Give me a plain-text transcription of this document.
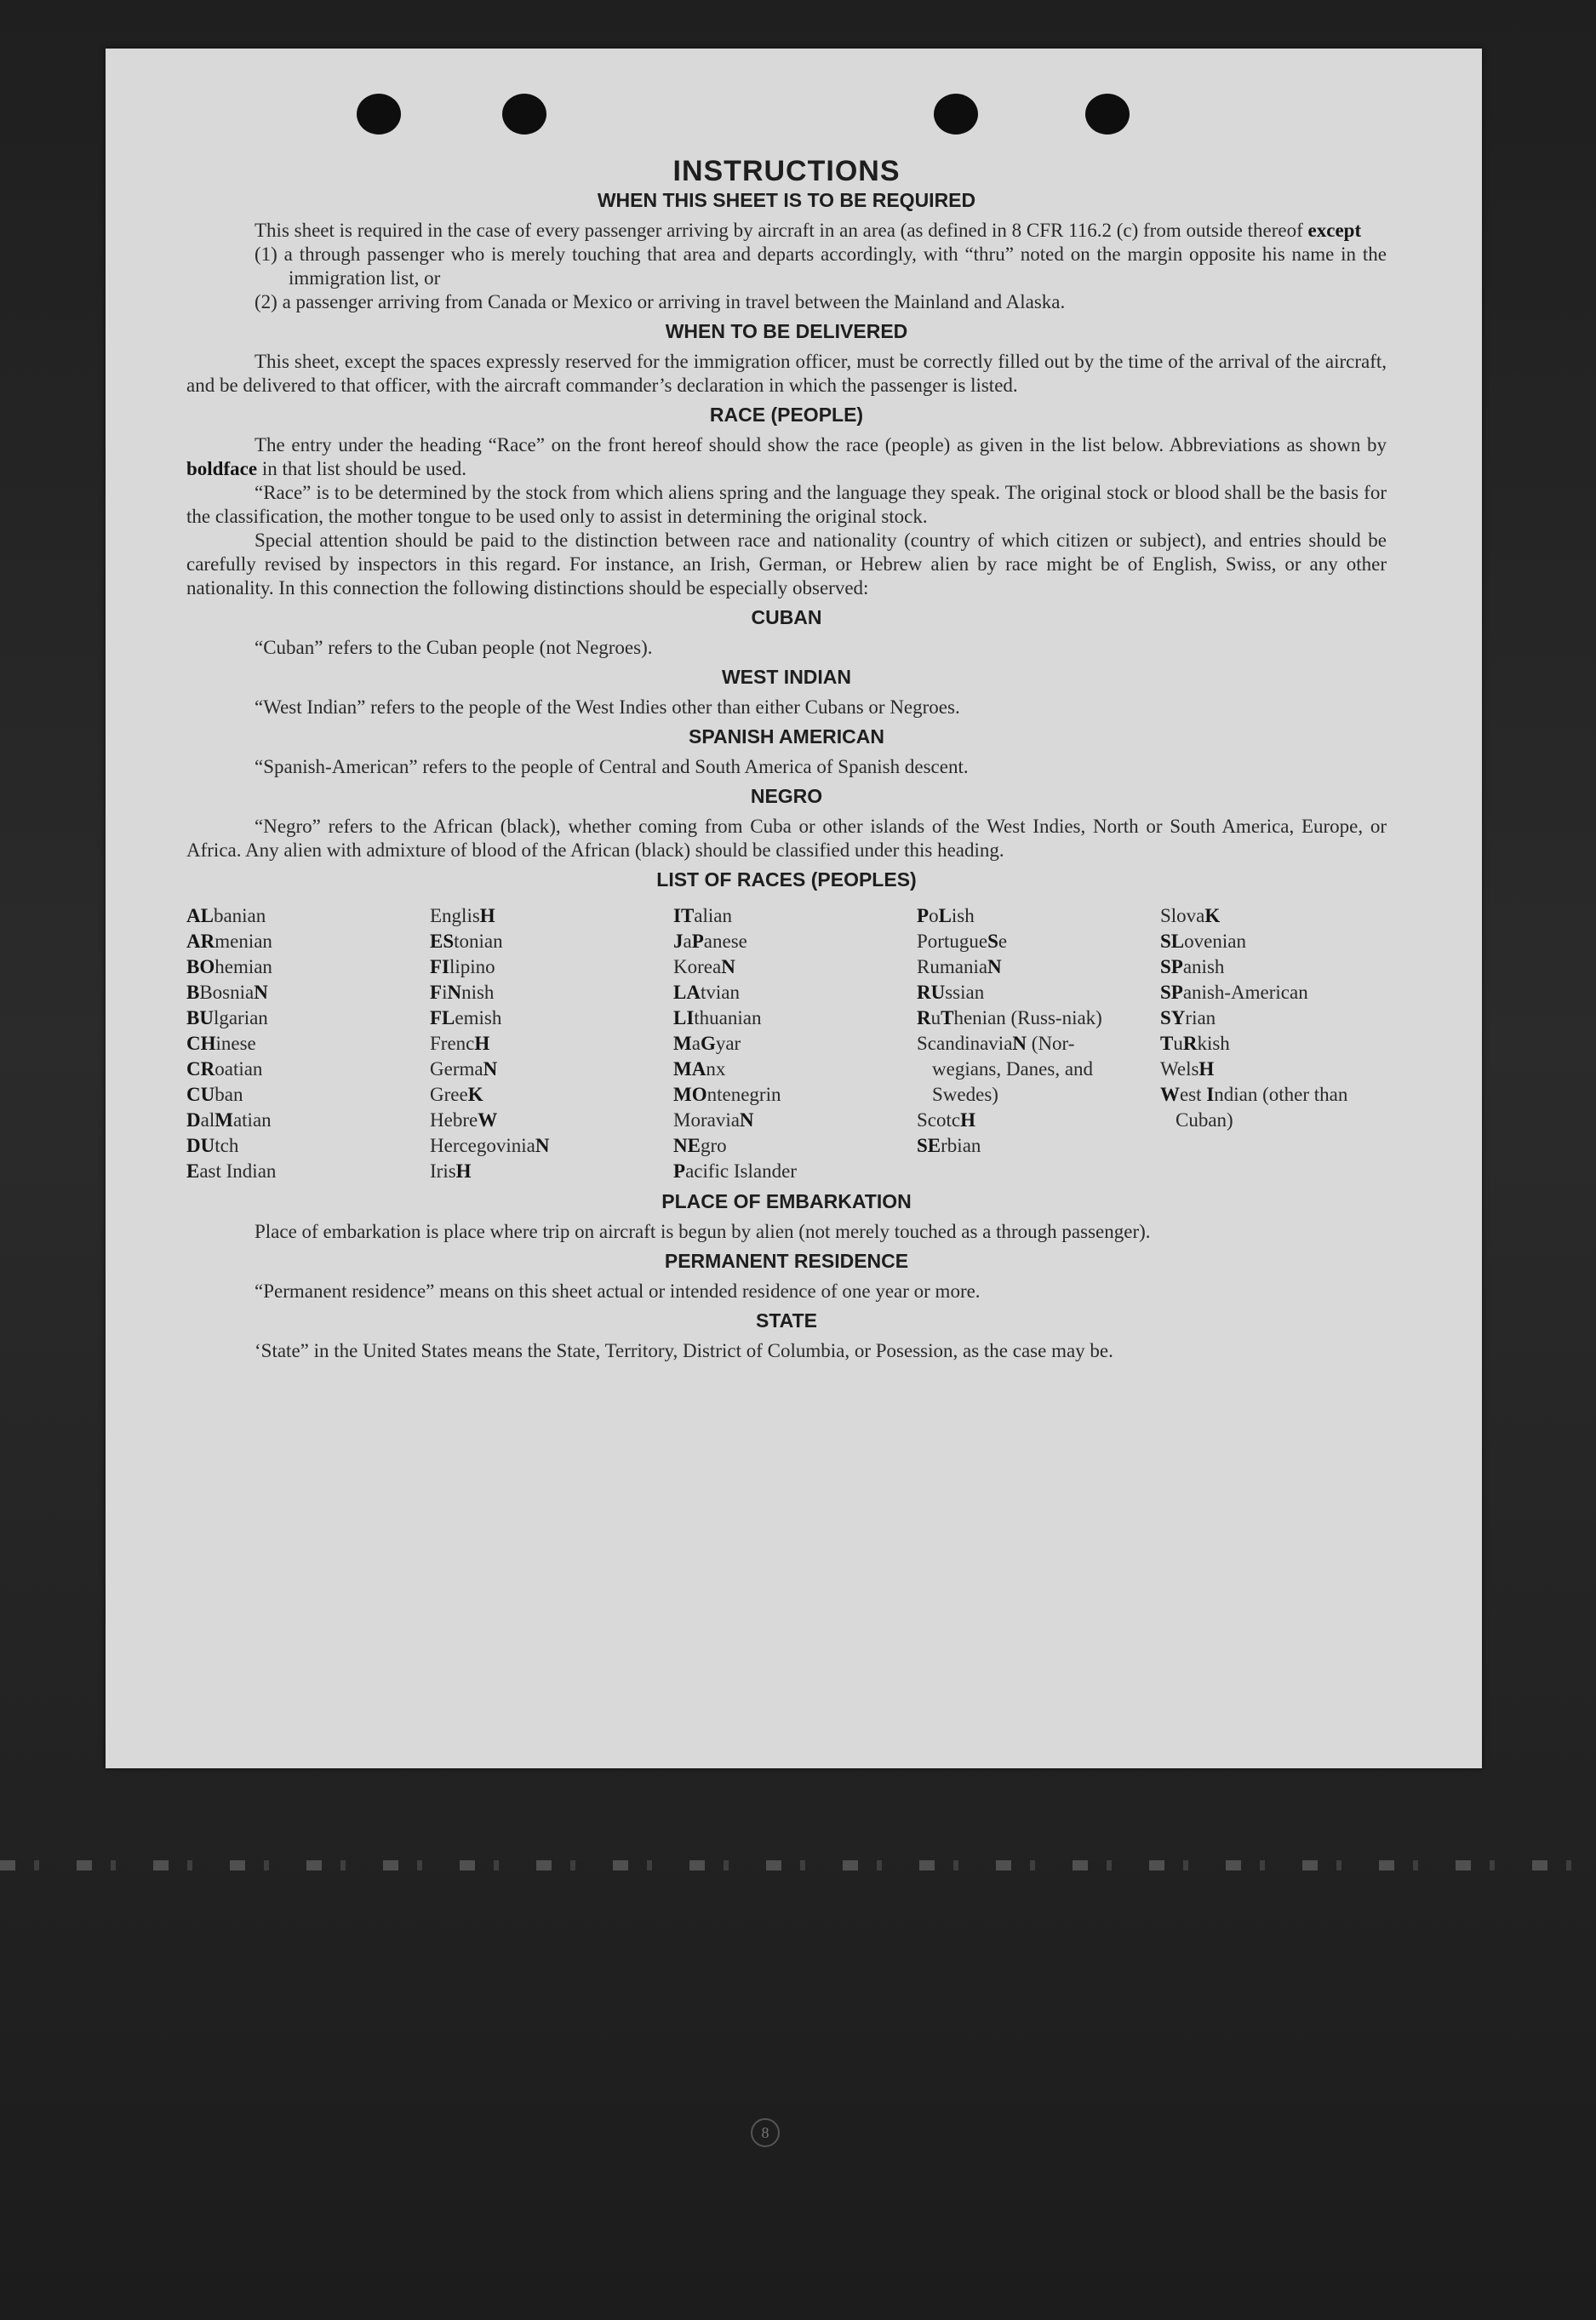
8
INSTRUCTIONS
WHEN THIS SHEET IS TO BE REQUIRED

This sheet is required in the case of every passenger arriving by aircraft in an area (as defined in 8 CFR 116.2 (c) from outside thereof except

(1) a through passenger who is merely touching that area and departs accordingly, with “thru” noted on the margin opposite his name in the immigration list, or

(2) a passenger arriving from Canada or Mexico or arriving in travel between the Mainland and Alaska.

WHEN TO BE DELIVERED

This sheet, except the spaces expressly reserved for the immigration officer, must be correctly filled out by the time of the arrival of the aircraft, and be delivered to that officer, with the aircraft commander’s declaration in which the passenger is listed.

RACE (PEOPLE)

The entry under the heading “Race” on the front hereof should show the race (people) as given in the list below. Abbreviations as shown by boldface in that list should be used.

“Race” is to be determined by the stock from which aliens spring and the language they speak. The original stock or blood shall be the basis for the classification, the mother tongue to be used only to assist in determining the original stock.

Special attention should be paid to the distinction between race and nationality (country of which citizen or subject), and entries should be carefully revised by inspectors in this regard. For instance, an Irish, German, or Hebrew alien by race might be of English, Swiss, or any other nationality. In this connection the following distinctions should be especially observed:

CUBAN

“Cuban” refers to the Cuban people (not Negroes).

WEST INDIAN

“West Indian” refers to the people of the West Indies other than either Cubans or Negroes.

SPANISH AMERICAN

“Spanish-American” refers to the people of Central and South America of Spanish descent.

NEGRO

“Negro” refers to the African (black), whether coming from Cuba or other islands of the West Indies, North or South America, Europe, or Africa. Any alien with admixture of blood of the African (black) should be classified under this heading.

LIST OF RACES (PEOPLES)
ALbanian
ARmenian
BOhemian
BBosniaN
BUlgarian
CHinese
CRoatian
CUban
DalMatian
DUtch
East Indian
EnglisH
EStonian
FIlipino
FiNnish
FLemish
FrencH
GermaN
GreeK
HebreW
HercegoviniaN
IrisH
ITalian
JaPanese
KoreaN
LAtvian
LIthuanian
MaGyar
MAnx
MOntenegrin
MoraviaN
NEgro
Pacific Islander
PoLish
PortugueSe
RumaniaN
RUssian
RuThenian (Russ-niak)
ScandinaviaN (Nor-wegians, Danes, and Swedes)
ScotcH
SErbian
SlovaK
SLovenian
SPanish
SPanish-American
SYrian
TuRkish
WelsH
West Indian (other than Cuban)
PLACE OF EMBARKATION

Place of embarkation is place where trip on aircraft is begun by alien (not merely touched as a through passenger).

PERMANENT RESIDENCE

“Permanent residence” means on this sheet actual or intended residence of one year or more.

STATE

‘State” in the United States means the State, Territory, District of Columbia, or Posession, as the case may be.
